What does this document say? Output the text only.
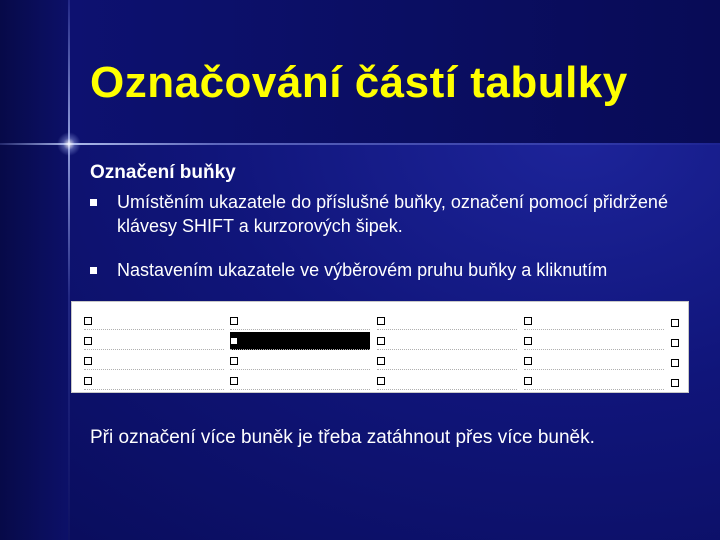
Označování částí tabulky
Označení buňky
Umístěním ukazatele do příslušné buňky, označení pomocí přidržené klávesy SHIFT a kurzorových šipek.
Nastavením ukazatele ve výběrovém pruhu buňky a kliknutím
Při označení více buněk je třeba zatáhnout přes více buněk.
